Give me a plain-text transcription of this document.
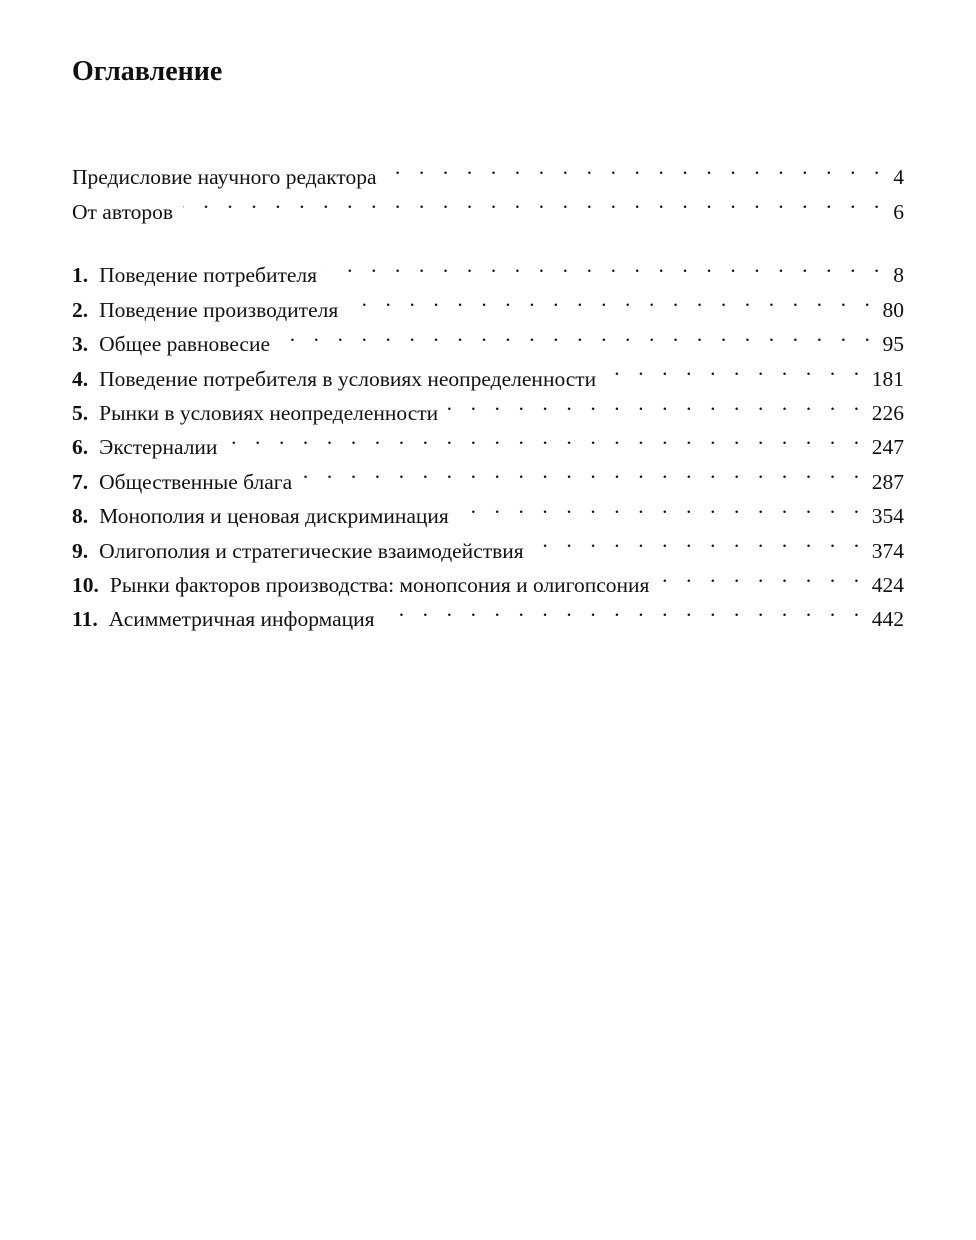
Оглавление
Предисловие научного редактора . . .	4
От авторов . . .	6
1. Поведение потребителя . . .	8
2. Поведение производителя . . .	80
3. Общее равновесие . . .	95
4. Поведение потребителя в условиях неопределенности . . .	181
5. Рынки в условиях неопределенности . . .	226
6. Экстерналии . . .	247
7. Общественные блага . . .	287
8. Монополия и ценовая дискриминация . . .	354
9. Олигополия и стратегические взаимодействия . . .	374
10. Рынки факторов производства: монопсония и олигопсония . . .	424
11. Асимметричная информация . . .	442
